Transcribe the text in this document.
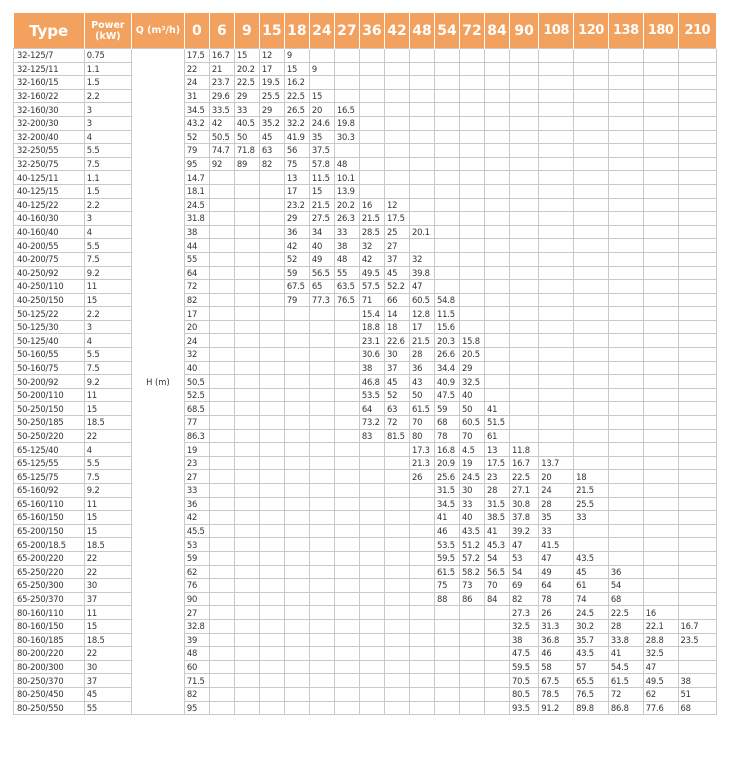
Type	Power (kW)	Q (m³/h)	0	6	9	15	18	24	27	36	42	48	54	72	84	90	108	120	138	180	210
32-125/7	0.75	H (m)	17.5	16.7	15	12	9														
32-125/11	1.1		22	21	20.2	17	15	9													
32-160/15	1.5		24	23.7	22.5	19.5	16.2														
32-160/22	2.2		31	29.6	29	25.5	22.5	15													
32-160/30	3		34.5	33.5	33	29	26.5	20	16.5												
32-200/30	3		43.2	42	40.5	35.2	32.2	24.6	19.8												
32-200/40	4		52	50.5	50	45	41.9	35	30.3												
32-250/55	5.5		79	74.7	71.8	63	56	37.5													
32-250/75	7.5		95	92	89	82	75	57.8	48												
40-125/11	1.1		14.7				13	11.5	10.1												
40-125/15	1.5		18.1				17	15	13.9												
40-125/22	2.2		24.5				23.2	21.5	20.2	16	12										
40-160/30	3		31.8				29	27.5	26.3	21.5	17.5										
40-160/40	4		38				36	34	33	28.5	25	20.1									
40-200/55	5.5		44				42	40	38	32	27										
40-200/75	7.5		55				52	49	48	42	37	32									
40-250/92	9.2		64				59	56.5	55	49.5	45	39.8									
40-250/110	11		72				67.5	65	63.5	57.5	52.2	47									
40-250/150	15		82				79	77.3	76.5	71	66	60.5	54.8								
50-125/22	2.2		17							15.4	14	12.8	11.5								
50-125/30	3		20							18.8	18	17	15.6								
50-125/40	4		24							23.1	22.6	21.5	20.3	15.8							
50-160/55	5.5		32							30.6	30	28	26.6	20.5							
50-160/75	7.5		40							38	37	36	34.4	29							
50-200/92	9.2		50.5							46.8	45	43	40.9	32.5							
50-200/110	11		52.5							53.5	52	50	47.5	40							
50-250/150	15		68.5							64	63	61.5	59	50	41						
50-250/185	18.5		77							73.2	72	70	68	60.5	51.5						
50-250/220	22		86.3							83	81.5	80	78	70	61						
65-125/40	4		19									17.3	16.8	4.5	13	11.8					
65-125/55	5.5		23									21.3	20.9	19	17.5	16.7	13.7				
65-125/75	7.5		27									26	25.6	24.5	23	22.5	20	18			
65-160/92	9.2		33										31.5	30	28	27.1	24	21.5			
65-160/110	11		36										34.5	33	31.5	30.8	28	25.5			
65-160/150	15		42										41	40	38.5	37.8	35	33			
65-200/150	15		45.5										46	43.5	41	39.2	33				
65-200/18.5	18.5		53										53.5	51.2	45.3	47	41.5				
65-200/220	22		59										59.5	57.2	54	53	47	43.5			
65-250/220	22		62										61.5	58.2	56.5	54	49	45	36		
65-250/300	30		76										75	73	70	69	64	61	54		
65-250/370	37		90										88	86	84	82	78	74	68		
80-160/110	11		27													27.3	26	24.5	22.5	16	
80-160/150	15		32.8													32.5	31.3	30.2	28	22.1	16.7
80-160/185	18.5		39													38	36.8	35.7	33.8	28.8	23.5
80-200/220	22		48													47.5	46	43.5	41	32.5	
80-200/300	30		60													59.5	58	57	54.5	47	
80-250/370	37		71.5													70.5	67.5	65.5	61.5	49.5	38
80-250/450	45		82													80.5	78.5	76.5	72	62	51
80-250/550	55		95													93.5	91.2	89.8	86.8	77.6	68
